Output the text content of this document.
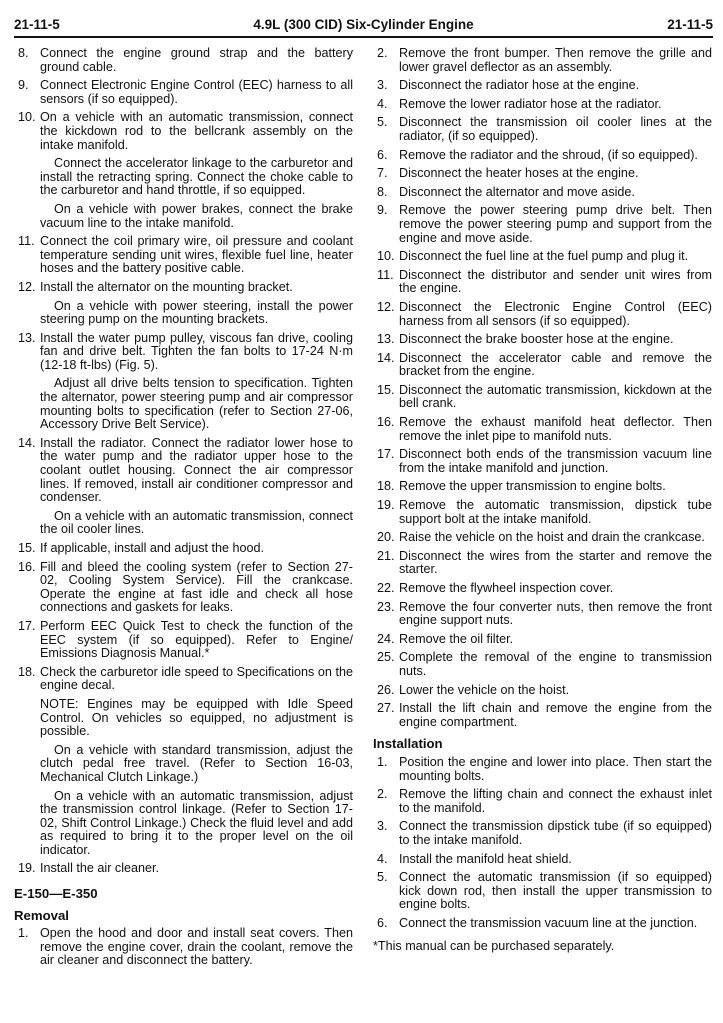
21-11-5	4.9L (300 CID) Six-Cylinder Engine	21-11-5
8. Connect the engine ground strap and the battery ground cable.
9. Connect Electronic Engine Control (EEC) harness to all sensors (if so equipped).
10. On a vehicle with an automatic transmission, connect the kickdown rod to the bellcrank assembly on the intake manifold.

Connect the accelerator linkage to the carburetor and install the retracting spring. Connect the choke cable to the carburetor and hand throttle, if so equipped.

On a vehicle with power brakes, connect the brake vacuum line to the intake manifold.

11. Connect the coil primary wire, oil pressure and coolant temperature sending unit wires, flexible fuel line, heater hoses and the battery positive cable.
12. Install the alternator on the mounting bracket.

On a vehicle with power steering, install the power steering pump on the mounting brackets.

13. Install the water pump pulley, viscous fan drive, cooling fan and drive belt. Tighten the fan bolts to 17-24 N·m (12-18 ft-lbs) (Fig. 5).

Adjust all drive belts tension to specification. Tighten the alternator, power steering pump and air compressor mounting bolts to specification (refer to Section 27-06, Accessory Drive Belt Service).

14. Install the radiator. Connect the radiator lower hose to the water pump and the radiator upper hose to the coolant outlet housing. Connect the air compressor lines. If removed, install air conditioner compressor and condenser.

On a vehicle with an automatic transmission, connect the oil cooler lines.

15. If applicable, install and adjust the hood.
16. Fill and bleed the cooling system (refer to Section 27-02, Cooling System Service). Fill the crankcase. Operate the engine at fast idle and check all hose connections and gaskets for leaks.
17. Perform EEC Quick Test to check the function of the EEC system (if so equipped). Refer to Engine/ Emissions Diagnosis Manual.*
18. Check the carburetor idle speed to Specifications on the engine decal.

NOTE: Engines may be equipped with Idle Speed Control. On vehicles so equipped, no adjustment is possible.

On a vehicle with standard transmission, adjust the clutch pedal free travel. (Refer to Section 16-03, Mechanical Clutch Linkage.)

On a vehicle with an automatic transmission, adjust the transmission control linkage. (Refer to Section 17-02, Shift Control Linkage.) Check the fluid level and add as required to bring it to the proper level on the oil indicator.

19. Install the air cleaner.
E-150—E-350
Removal
1. Open the hood and door and install seat covers. Then remove the engine cover, drain the coolant, remove the air cleaner and disconnect the battery.
2. Remove the front bumper. Then remove the grille and lower gravel deflector as an assembly.
3. Disconnect the radiator hose at the engine.
4. Remove the lower radiator hose at the radiator.
5. Disconnect the transmission oil cooler lines at the radiator, (if so equipped).
6. Remove the radiator and the shroud, (if so equipped).
7. Disconnect the heater hoses at the engine.
8. Disconnect the alternator and move aside.
9. Remove the power steering pump drive belt. Then remove the power steering pump and support from the engine and move aside.
10. Disconnect the fuel line at the fuel pump and plug it.
11. Disconnect the distributor and sender unit wires from the engine.
12. Disconnect the Electronic Engine Control (EEC) harness from all sensors (if so equipped).
13. Disconnect the brake booster hose at the engine.
14. Disconnect the accelerator cable and remove the bracket from the engine.
15. Disconnect the automatic transmission, kickdown at the bell crank.
16. Remove the exhaust manifold heat deflector. Then remove the inlet pipe to manifold nuts.
17. Disconnect both ends of the transmission vacuum line from the intake manifold and junction.
18. Remove the upper transmission to engine bolts.
19. Remove the automatic transmission, dipstick tube support bolt at the intake manifold.
20. Raise the vehicle on the hoist and drain the crankcase.
21. Disconnect the wires from the starter and remove the starter.
22. Remove the flywheel inspection cover.
23. Remove the four converter nuts, then remove the front engine support nuts.
24. Remove the oil filter.
25. Complete the removal of the engine to transmission nuts.
26. Lower the vehicle on the hoist.
27. Install the lift chain and remove the engine from the engine compartment.
Installation
1. Position the engine and lower into place. Then start the mounting bolts.
2. Remove the lifting chain and connect the exhaust inlet to the manifold.
3. Connect the transmission dipstick tube (if so equipped) to the intake manifold.
4. Install the manifold heat shield.
5. Connect the automatic transmission (if so equipped) kick down rod, then install the upper transmission to engine bolts.
6. Connect the transmission vacuum line at the junction.
*This manual can be purchased separately.
